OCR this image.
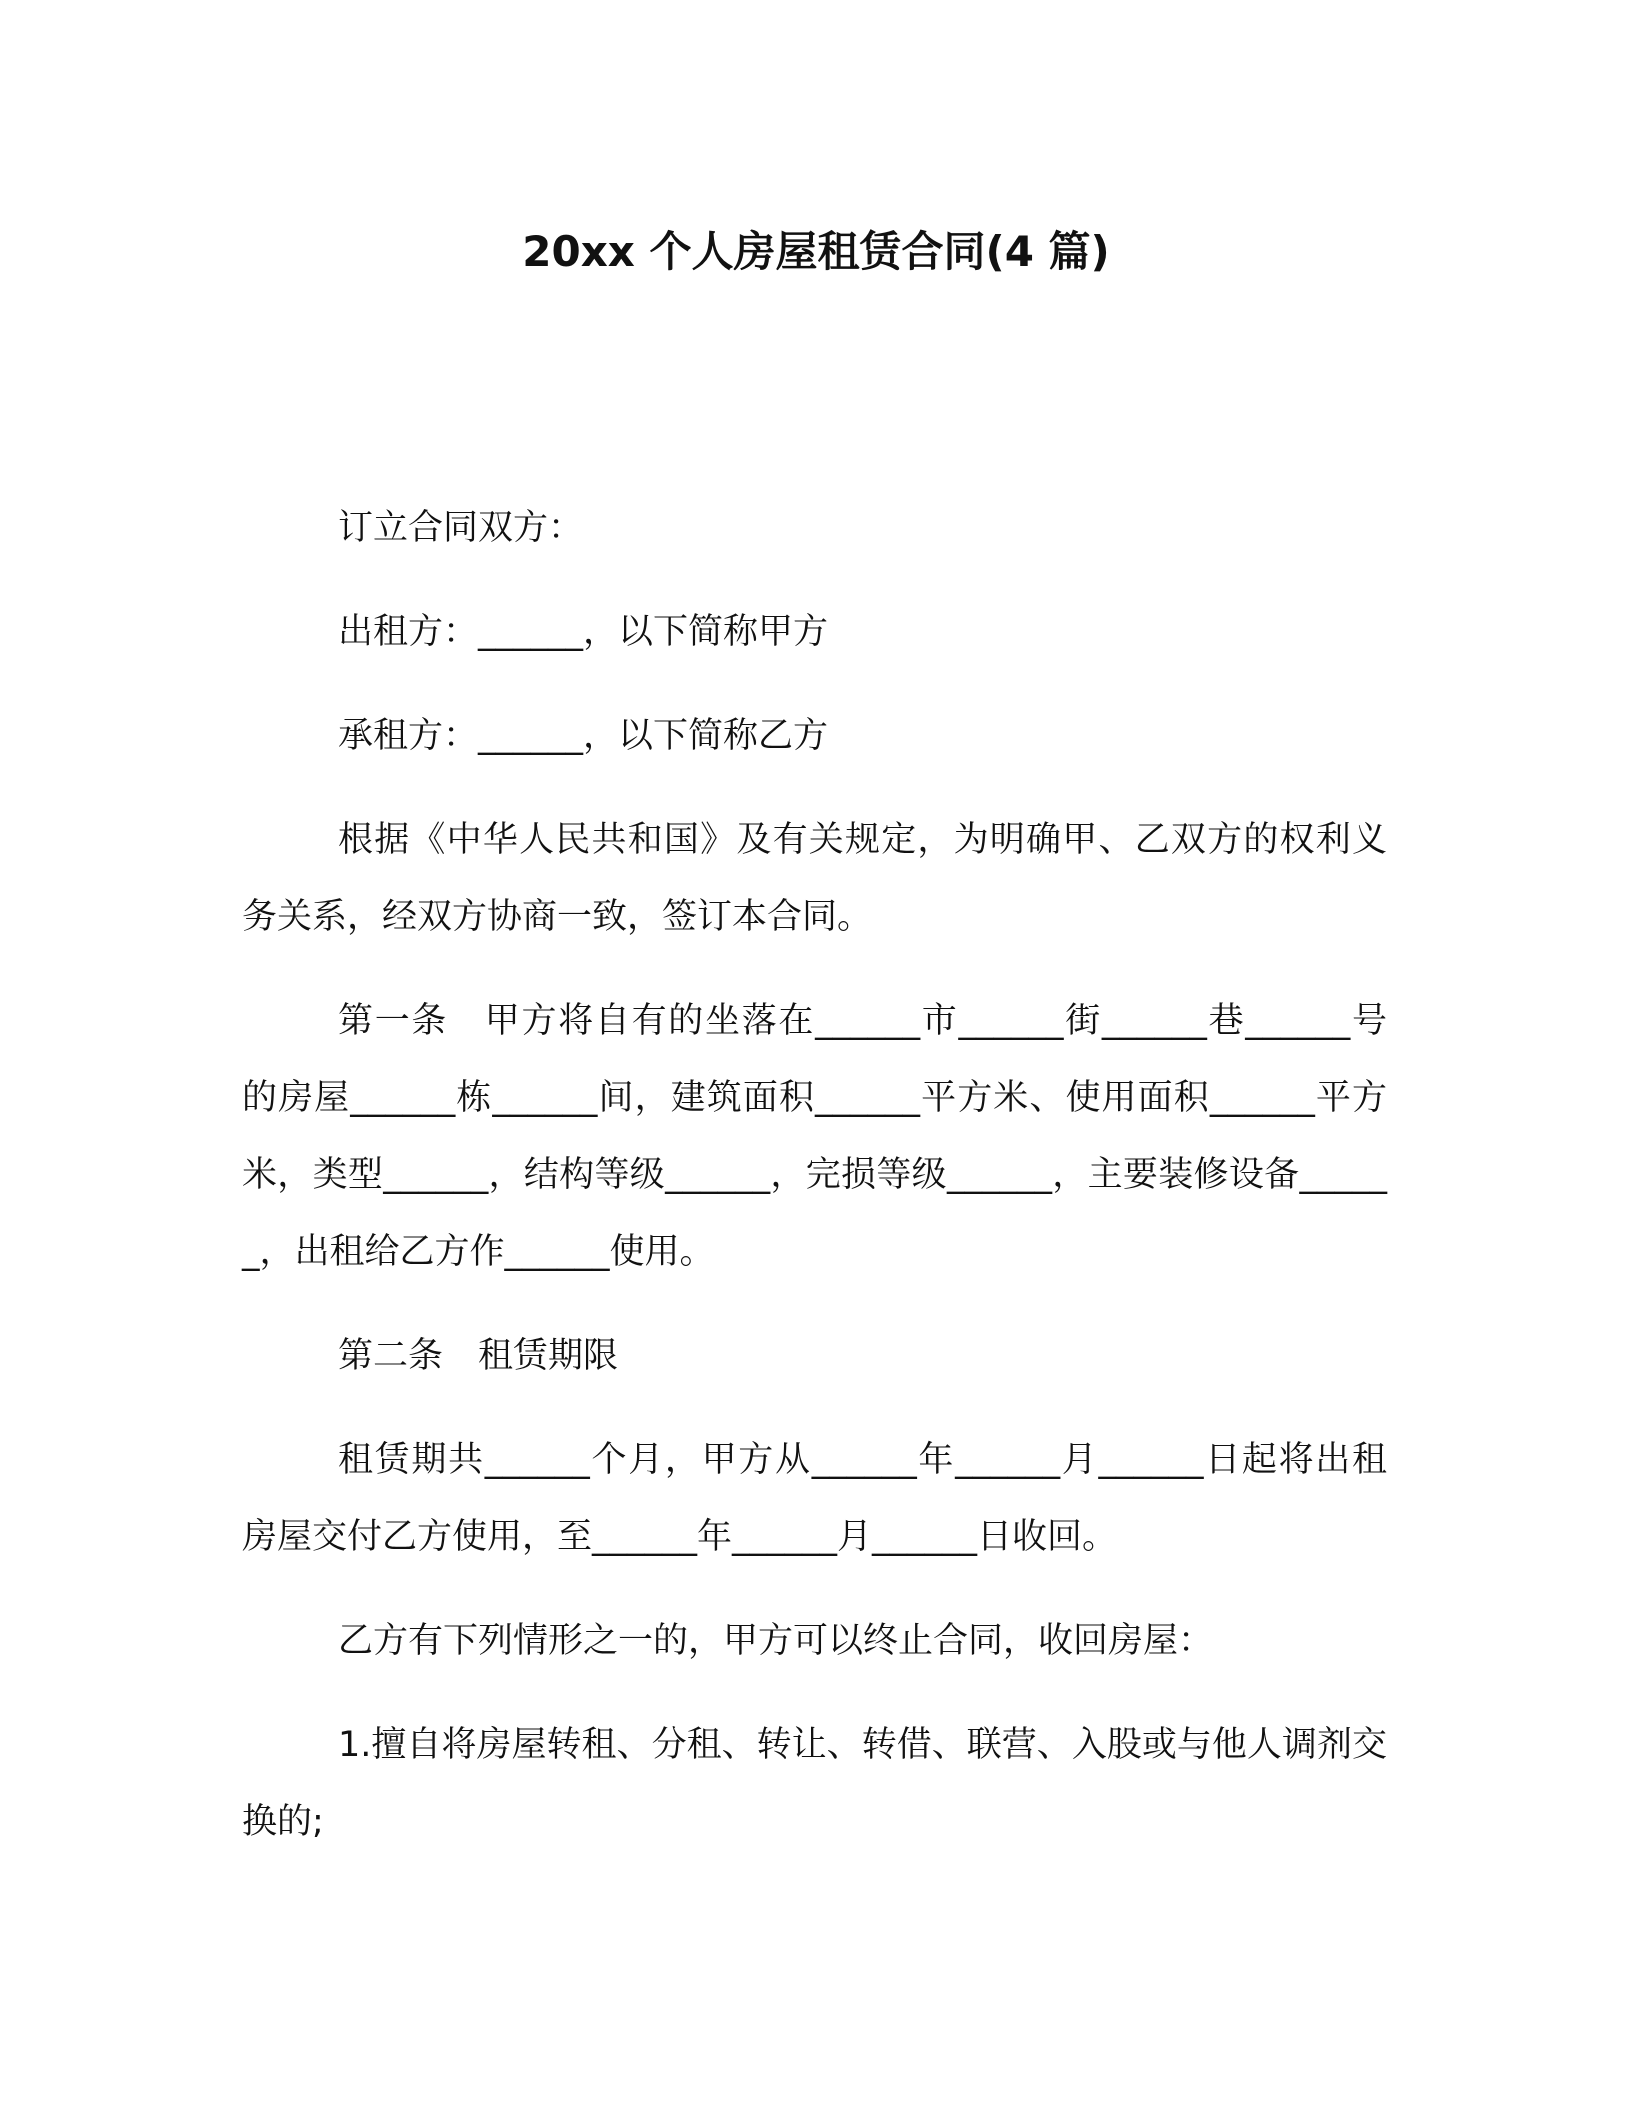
20xx 个人房屋租赁合同(4 篇)

订立合同双方：

出租方：______，以下简称甲方

承租方：______，以下简称乙方

根据《中华人民共和国》及有关规定，为明确甲、乙双方的权利义务关系，经双方协商一致，签订本合同。

第一条　甲方将自有的坐落在______市______街______巷______号的房屋______栋______间，建筑面积______平方米、使用面积______平方米，类型______，结构等级______，完损等级______，主要装修设备______，出租给乙方作______使用。

第二条　租赁期限

租赁期共______个月，甲方从______年______月______日起将出租房屋交付乙方使用，至______年______月______日收回。

乙方有下列情形之一的，甲方可以终止合同，收回房屋：

1.擅自将房屋转租、分租、转让、转借、联营、入股或与他人调剂交换的;
